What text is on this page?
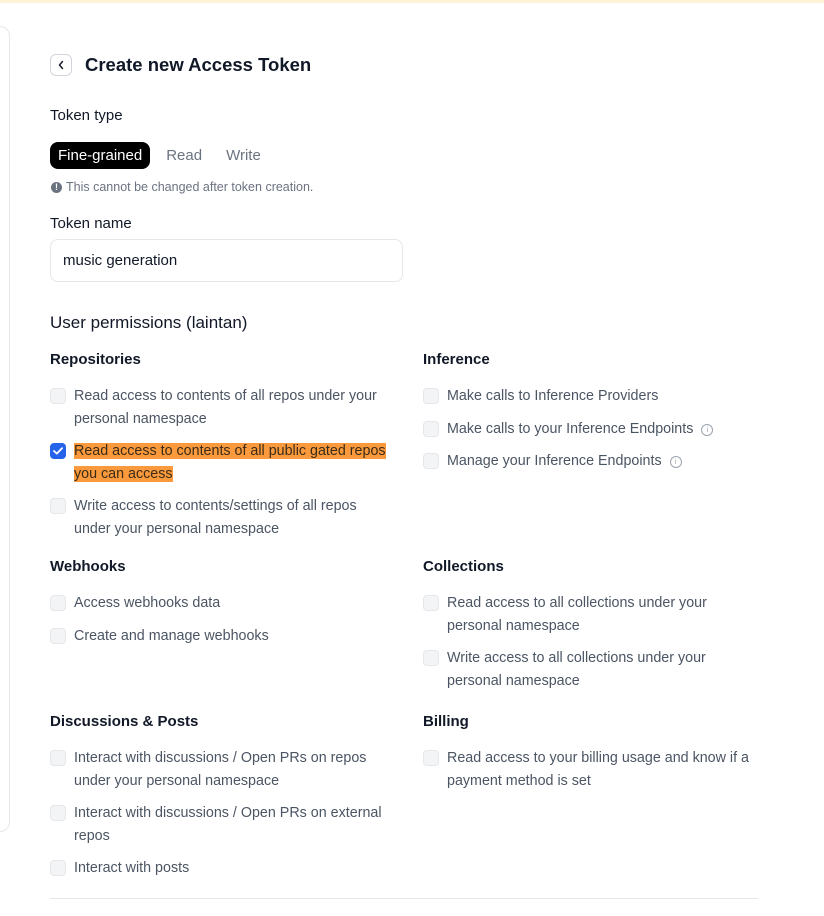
Create new Access Token
Token type
Fine-grained	Read	Write
! This cannot be changed after token creation.
Token name
music generation
User permissions (laintan)
Repositories
Read access to contents of all repos under your personal namespace
Read access to contents of all public gated repos you can access
Write access to contents/settings of all repos under your personal namespace
Inference
Make calls to Inference Providers
Make calls to your Inference Endpoints i
Manage your Inference Endpoints i
Webhooks
Access webhooks data
Create and manage webhooks
Collections
Read access to all collections under your personal namespace
Write access to all collections under your personal namespace
Discussions & Posts
Interact with discussions / Open PRs on repos under your personal namespace
Interact with discussions / Open PRs on external repos
Interact with posts
Billing
Read access to your billing usage and know if a payment method is set
